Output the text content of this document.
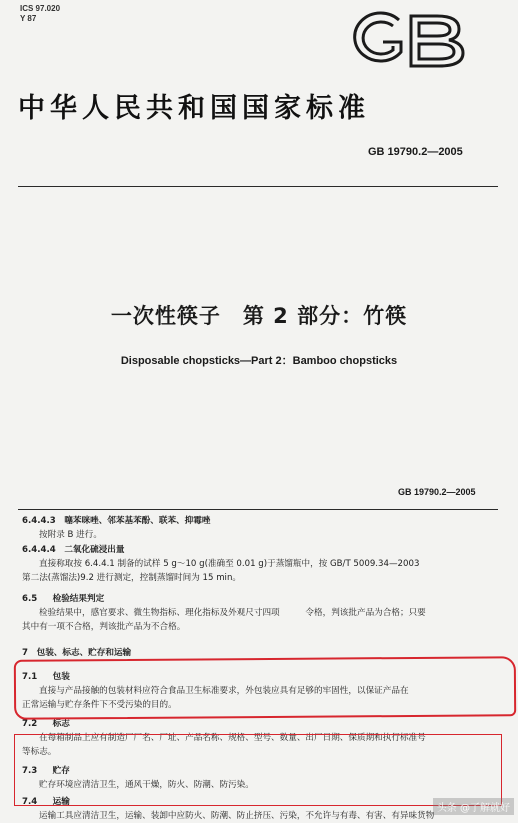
ICS 97.020
Y 87
中华人民共和国国家标准
GB 19790.2—2005
一次性筷子　第 2 部分：竹筷
Disposable chopsticks—Part 2：Bamboo chopsticks
GB 19790.2—2005
6.4.4.3　 噻苯咪唑、邻苯基苯酚、联苯、抑霉唑
按附录 B 进行。
6.4.4.4　 二氧化硫浸出量
直接称取按 6.4.4.1 制备的试样 5 g～10 g(准确至 0.01 g)于蒸馏瓶中，按 GB/T 5009.34—2003
第二法(蒸馏法)9.2 进行测定，控制蒸馏时间为 15 min。
6.5　 检验结果判定
检验结果中，感官要求、微生物指标、理化指标及外观尺寸四项　　　令格，判该批产品为合格；只要
其中有一项不合格，判该批产品为不合格。
7　 包装、标志、贮存和运输
7.1　 包装
直接与产品接触的包装材料应符合食品卫生标准要求，外包装应具有足够的牢固性，以保证产品在
正常运输与贮存条件下不受污染的目的。
7.2　 标志
在每箱制品上应有制造厂厂名、厂址、产品名称、规格、型号、数量、出厂日期、保质期和执行标准号
等标志。
7.3　 贮存
贮存环境应清洁卫生，通风干燥，防火、防潮、防污染。
7.4　 运输
运输工具应清洁卫生，运输、装卸中应防火、防潮、防止挤压、污染，不允许与有毒、有害、有异味货物
头条 @了解就好
